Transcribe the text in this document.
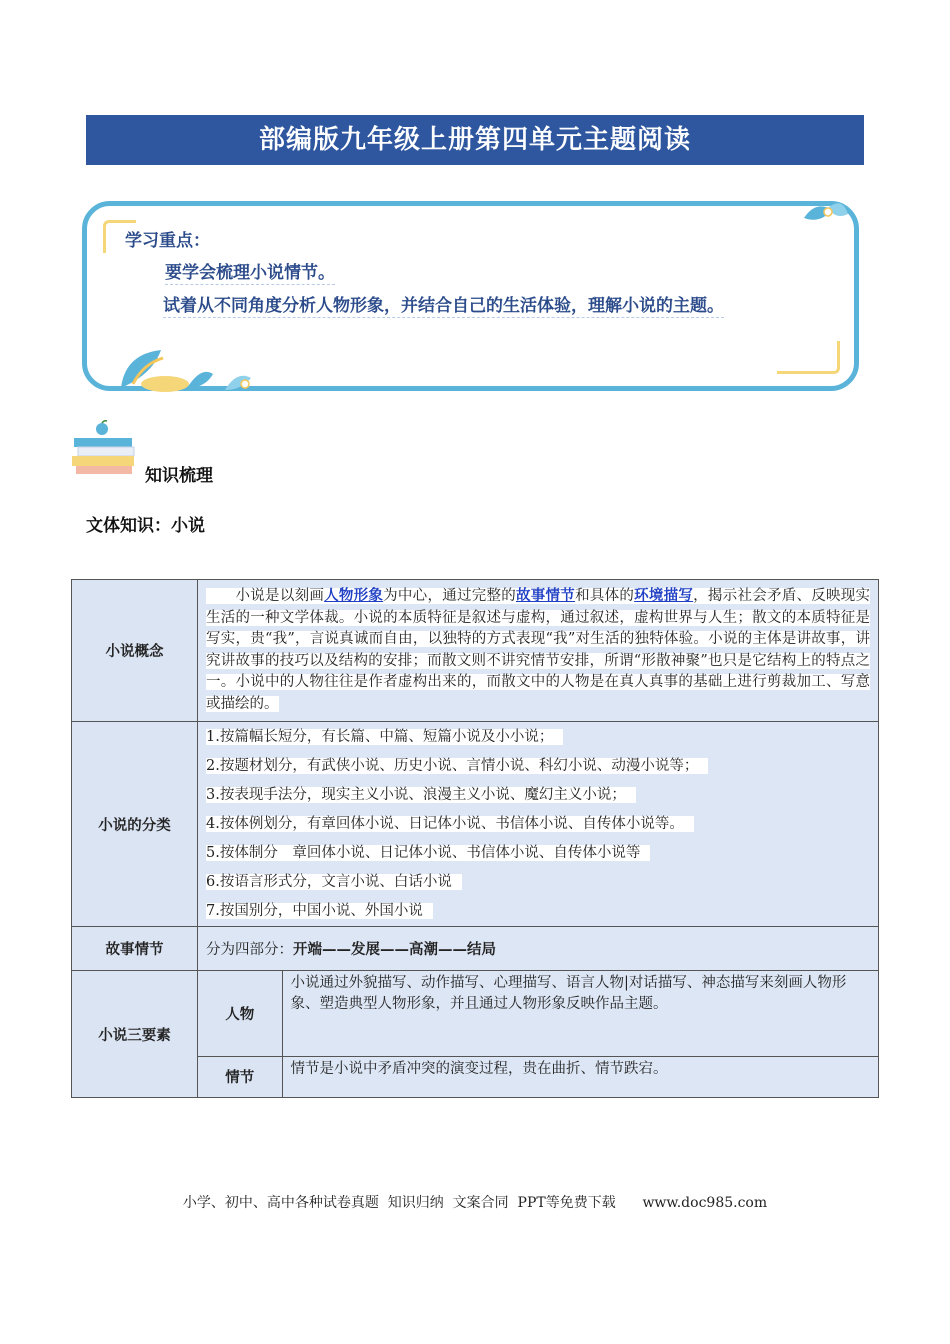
部编版九年级上册第四单元主题阅读
学习重点：
要学会梳理小说情节。
试着从不同角度分析人物形象，并结合自己的生活体验，理解小说的主题。
知识梳理
文体知识：小说
小说概念	
　　小说是以刻画人物形象为中心，通过完整的故事情节和具体的环境描写，揭示社会矛盾、反映现实生活的一种文学体裁。小说的本质特征是叙述与虚构，通过叙述，虚构世界与人生；散文的本质特征是写实，贵“我”，言说真诚而自由，以独特的方式表现“我”对生活的独特体验。小说的主体是讲故事，讲究讲故事的技巧以及结构的安排；而散文则不讲究情节安排，所谓“形散神聚”也只是它结构上的特点之一。小说中的人物往往是作者虚构出来的，而散文中的人物是在真人真事的基础上进行剪裁加工、写意或描绘的。

小说的分类	
1.按篇幅长短分，有长篇、中篇、短篇小说及小小说；
2.按题材划分，有武侠小说、历史小说、言情小说、科幻小说、动漫小说等；
3.按表现手法分，现实主义小说、浪漫主义小说、魔幻主义小说；
4.按体例划分，有章回体小说、日记体小说、书信体小说、自传体小说等。
5.按体制分　章回体小说、日记体小说、书信体小说、自传体小说等
6.按语言形式分，文言小说、白话小说
7.按国别分，中国小说、外国小说

故事情节	分为四部分：开端——发展——高潮——结局

小说三要素	
人物	小说通过外貌描写、动作描写、心理描写、语言人物|对话描写、神态描写来刻画人物形象、塑造典型人物形象，并且通过人物形象反映作品主题。
情节	情节是小说中矛盾冲突的演变过程，贵在曲折、情节跌宕。
小学、初中、高中各种试卷真题  知识归纳  文案合同  PPT等免费下载      www.doc985.com
